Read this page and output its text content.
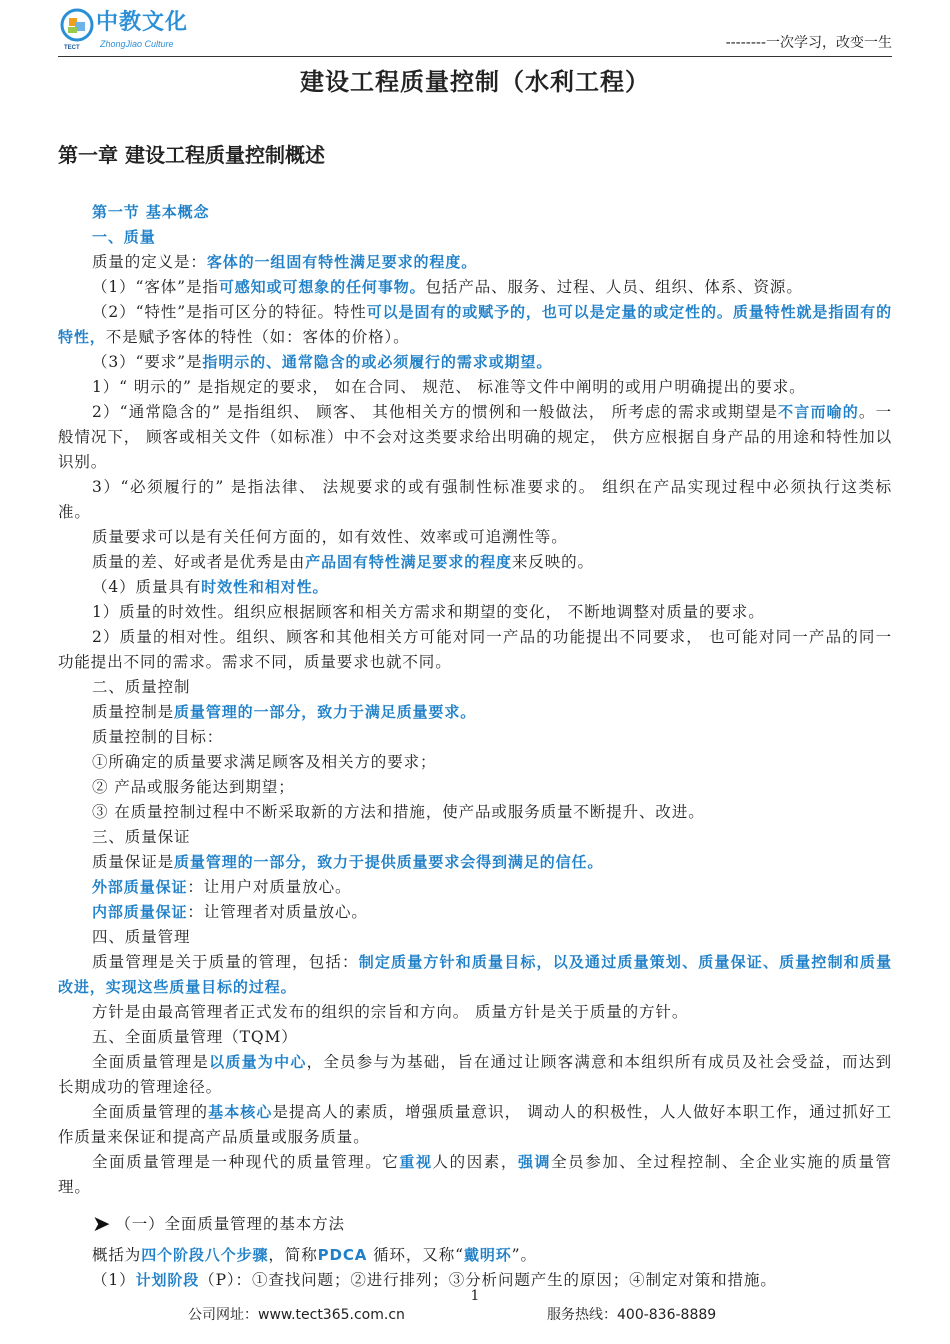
中教文化
ZhongJiao Culture
TECT	--------一次学习，改变一生
建设工程质量控制（水利工程）
第一章 建设工程质量控制概述

第一节 基本概念

一、质量

质量的定义是：客体的一组固有特性满足要求的程度。

（1）“客体”是指可感知或可想象的任何事物。包括产品、服务、过程、人员、组织、体系、资源。

（2）“特性”是指可区分的特征。特性可以是固有的或赋予的，也可以是定量的或定性的。质量特性就是指固有的特性，不是赋予客体的特性（如：客体的价格）。

（3）“要求”是指明示的、通常隐含的或必须履行的需求或期望。

1）“ 明示的” 是指规定的要求， 如在合同、 规范、 标准等文件中阐明的或用户明确提出的要求。

2）“通常隐含的” 是指组织、 顾客、 其他相关方的惯例和一般做法， 所考虑的需求或期望是不言而喻的。一般情况下， 顾客或相关文件（如标准）中不会对这类要求给出明确的规定， 供方应根据自身产品的用途和特性加以识别。

3）“必须履行的” 是指法律、 法规要求的或有强制性标准要求的。 组织在产品实现过程中必须执行这类标准。

质量要求可以是有关任何方面的，如有效性、效率或可追溯性等。

质量的差、好或者是优秀是由产品固有特性满足要求的程度来反映的。

（4）质量具有时效性和相对性。

1）质量的时效性。组织应根据顾客和相关方需求和期望的变化， 不断地调整对质量的要求。

2）质量的相对性。组织、顾客和其他相关方可能对同一产品的功能提出不同要求， 也可能对同一产品的同一功能提出不同的需求。需求不同，质量要求也就不同。

二、质量控制

质量控制是质量管理的一部分，致力于满足质量要求。

质量控制的目标：

①所确定的质量要求满足顾客及相关方的要求；

② 产品或服务能达到期望；

③ 在质量控制过程中不断采取新的方法和措施，使产品或服务质量不断提升、改进。

三、质量保证

质量保证是质量管理的一部分，致力于提供质量要求会得到满足的信任。

外部质量保证：让用户对质量放心。

内部质量保证：让管理者对质量放心。

四、质量管理

质量管理是关于质量的管理，包括：制定质量方针和质量目标，以及通过质量策划、质量保证、质量控制和质量改进，实现这些质量目标的过程。

方针是由最高管理者正式发布的组织的宗旨和方向。 质量方针是关于质量的方针。

五、全面质量管理（TQM）

全面质量管理是以质量为中心，全员参与为基础，旨在通过让顾客满意和本组织所有成员及社会受益，而达到长期成功的管理途径。

全面质量管理的基本核心是提高人的素质，增强质量意识， 调动人的积极性，人人做好本职工作，通过抓好工作质量来保证和提高产品质量或服务质量。

全面质量管理是一种现代的质量管理。它重视人的因素，强调全员参加、全过程控制、全企业实施的质量管理。

➤ （一）全面质量管理的基本方法

概括为四个阶段八个步骤，简称PDCA 循环，又称“戴明环”。

（1）计划阶段（P）：①查找问题；②进行排列；③分析问题产生的原因；④制定对策和措施。

1
公司网址：www.tect365.com.cn	服务热线：400-836-8889
